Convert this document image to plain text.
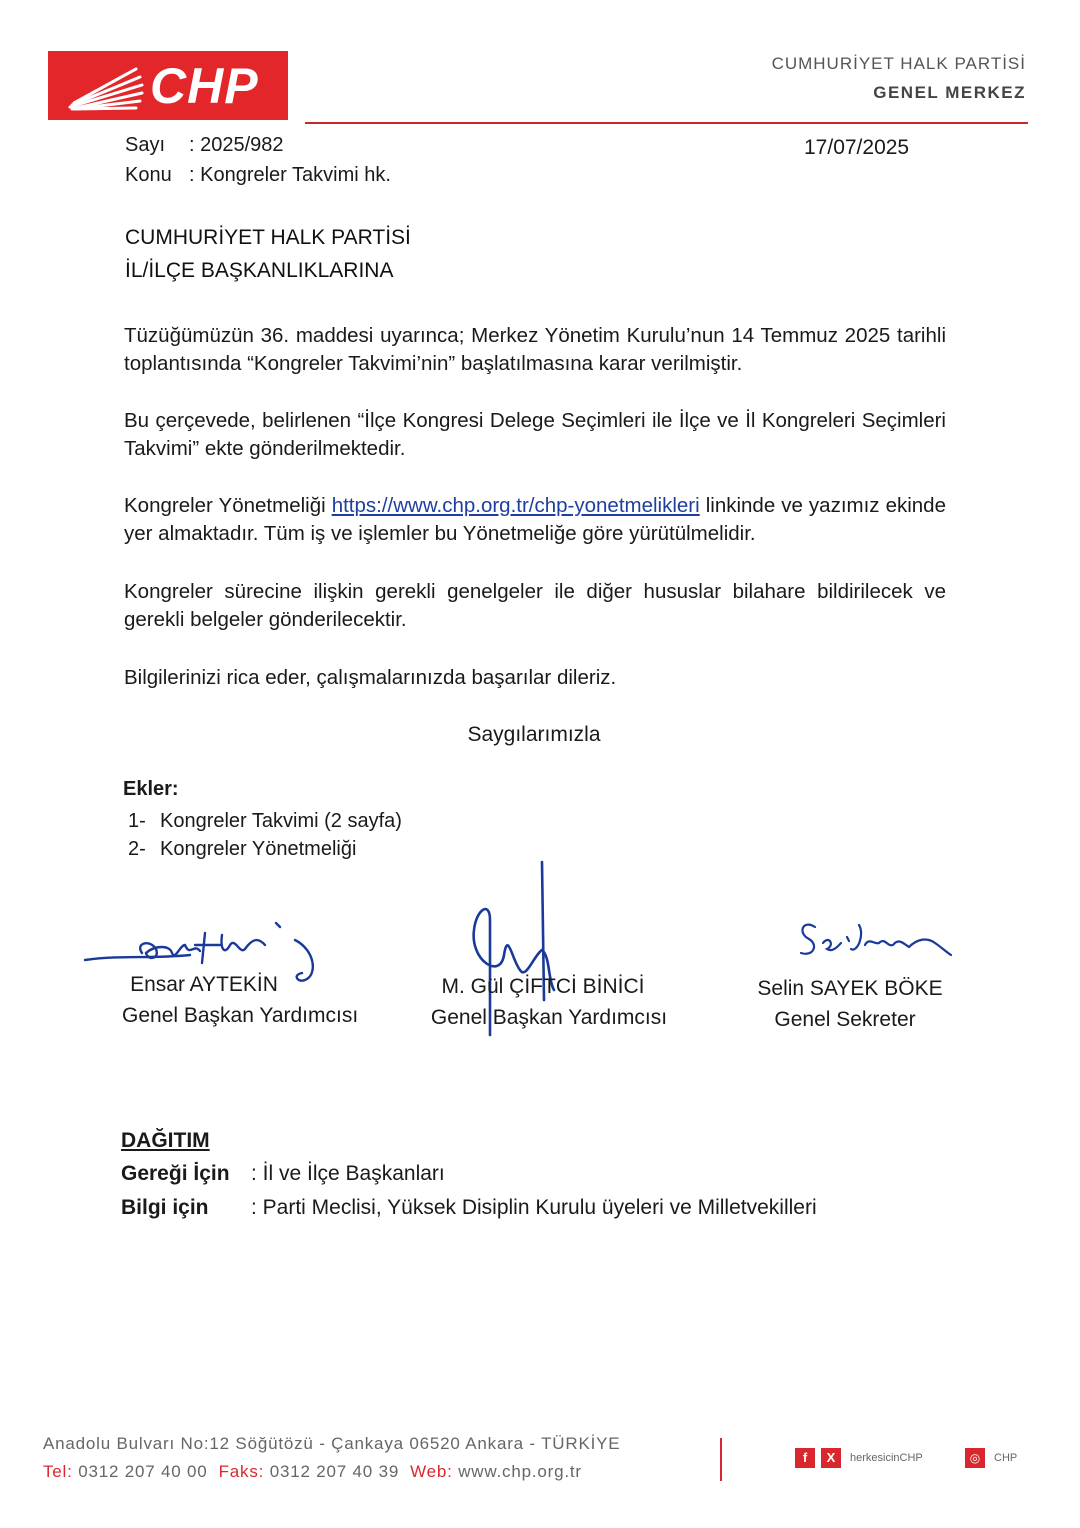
CHP	CUMHURİYET HALK PARTİSİ
GENEL MERKEZ
Sayı : 2025/982
Konu : Kongreler Takvimi hk.
17/07/2025
CUMHURİYET HALK PARTİSİ
İL/İLÇE BAŞKANLIKLARINA
Tüzüğümüzün 36. maddesi uyarınca; Merkez Yönetim Kurulu’nun 14 Temmuz 2025 tarihli toplantısında “Kongreler Takvimi’nin” başlatılmasına karar verilmiştir.
Bu çerçevede, belirlenen “İlçe Kongresi Delege Seçimleri ile İlçe ve İl Kongreleri Seçimleri Takvimi” ekte gönderilmektedir.
Kongreler Yönetmeliği https://www.chp.org.tr/chp-yonetmelikleri linkinde ve yazımız ekinde yer almaktadır. Tüm iş ve işlemler bu Yönetmeliğe göre yürütülmelidir.
Kongreler sürecine ilişkin gerekli genelgeler ile diğer hususlar bilahare bildirilecek ve gerekli belgeler gönderilecektir.
Bilgilerinizi rica eder, çalışmalarınızda başarılar dileriz.
Saygılarımızla
Ekler:
1- Kongreler Takvimi (2 sayfa)
2- Kongreler Yönetmeliği
Ensar AYTEKİN
Genel Başkan Yardımcısı
M. Gül ÇİFTCİ BİNİCİ
Genel Başkan Yardımcısı
Selin SAYEK BÖKE
Genel Sekreter
DAĞITIM
Gereği İçin : İl ve İlçe Başkanları
Bilgi için : Parti Meclisi, Yüksek Disiplin Kurulu üyeleri ve Milletvekilleri
Anadolu Bulvarı No:12 Söğütözü - Çankaya 06520 Ankara - TÜRKİYE
Tel: 0312 207 40 00 Faks: 0312 207 40 39 Web: www.chp.org.tr
f	X	herkesicinCHP	◎	CHP
